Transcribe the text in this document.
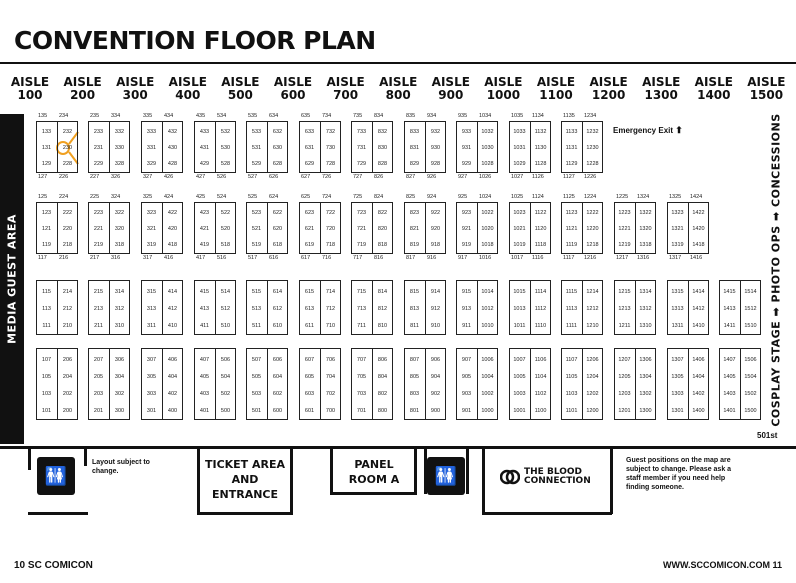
CONVENTION FLOOR PLAN
AISLE
100
AISLE
200
AISLE
300
AISLE
400
AISLE
500
AISLE
600
AISLE
700
AISLE
800
AISLE
900
AISLE
1000
AISLE
1100
AISLE
1200
AISLE
1300
AISLE
1400
AISLE
1500
MEDIA GUEST AREA	COSPLAY STAGE ➡ PHOTO OPS ➡ CONCESSIONS
Emergency Exit ⬆
133	232
131	230
129	228
135 234
127 226
233	332
231	330
229	328
235 334
227 326
333	432
331	430
329	428
335 434
327 426
433	532
431	530
429	528
435 534
427 526
533	632
531	630
529	628
535 634
527 626
633	732
631	730
629	728
635 734
627 726
733	832
731	830
729	828
735 834
727 826
833	932
831	930
829	928
835 934
827 926
933	1032
931	1030
929	1028
935 1034
927 1026
1033	1132
1031	1130
1029	1128
1035 1134
1027 1126
1133	1232
1131	1230
1129	1228
1135 1234
1127 1226
123	222
121	220
119	218
125 224
117 216
223	322
221	320
219	318
225 324
217 316
323	422
321	420
319	418
325 424
317 416
423	522
421	520
419	518
425 524
417 516
523	622
521	620
519	618
525 624
517 616
623	722
621	720
619	718
625 724
617 716
723	822
721	820
719	818
725 824
717 816
823	922
821	920
819	918
825 924
817 916
923	1022
921	1020
919	1018
925 1024
917 1016
1023	1122
1021	1120
1019	1118
1025 1124
1017 1116
1123	1222
1121	1220
1119	1218
1125 1224
1117 1216
1223	1322
1221	1320
1219	1318
1225 1324
1217 1316
1323	1422
1321	1420
1319	1418
1325 1424
1317 1416
115	214
113	212
111	210
215	314
213	312
211	310
315	414
313	412
311	410
415	514
413	512
411	510
515	614
513	612
511	610
615	714
613	712
611	710
715	814
713	812
711	810
815	914
813	912
811	910
915	1014
913	1012
911	1010
1015	1114
1013	1112
1011	1110
1115	1214
1113	1212
1111	1210
1215	1314
1213	1312
1211	1310
1315	1414
1313	1412
1311	1410
1415	1514
1413	1512
1411	1510
107	206
105	204
103	202
101	200
207	306
205	304
203	302
201	300
307	406
305	404
303	402
301	400
407	506
405	504
403	502
401	500
507	606
505	604
503	602
501	600
607	706
605	704
603	702
601	700
707	806
705	804
703	802
701	800
807	906
805	904
803	902
801	900
907	1006
905	1004
903	1002
901	1000
1007	1106
1005	1104
1003	1102
1001	1100
1107	1206
1105	1204
1103	1202
1101	1200
1207	1306
1205	1304
1203	1302
1201	1300
1307	1406
1305	1404
1303	1402
1301	1400
1407	1506
1405	1504
1403	1502
1401	1500
501st
🚻
Layout subject to change.
TICKET AREA AND ENTRANCE
PANEL ROOM A	🚻	THE BLOOD CONNECTION
Guest positions on the map are subject to change. Please ask a staff member if you need help finding someone.
10 SC COMICON	WWW.SCCOMICON.COM 11
